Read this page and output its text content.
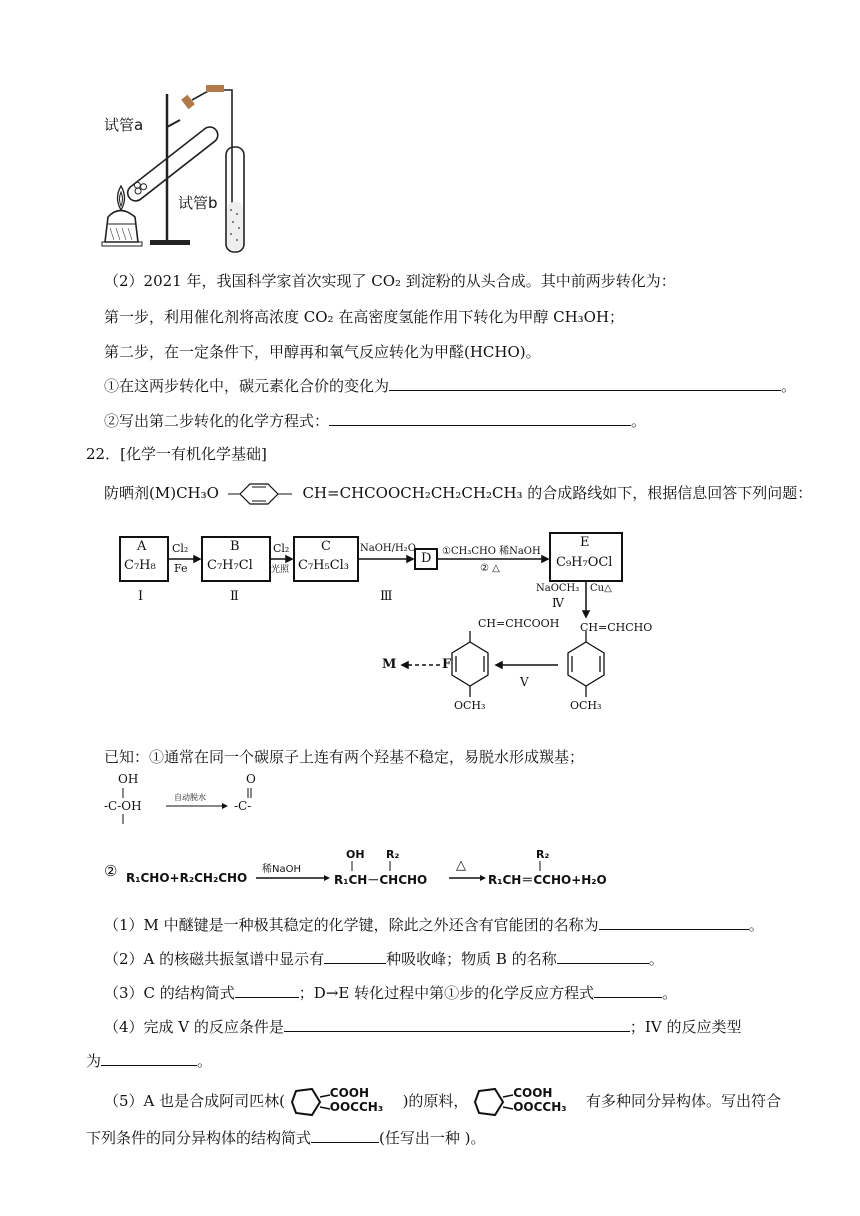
试管a
试管b
（2）2021 年，我国科学家首次实现了 CO₂ 到淀粉的从头合成。其中前两步转化为：
第一步，利用催化剂将高浓度 CO₂ 在高密度氢能作用下转化为甲醇 CH₃OH；
第二步，在一定条件下，甲醇再和氧气反应转化为甲醛(HCHO)。
①在这两步转化中，碳元素化合价的变化为	。
②写出第二步转化的化学方程式：	。
22．[化学一有机化学基础]
防晒剂(M)CH₃O	CH=CHCOOCH₂CH₂CH₂CH₃ 的合成路线如下，根据信息回答下列问题：
A
C₇H₈
B
C₇H₇Cl
C
C₇H₅Cl₃	D
E
C₉H₇OCl
Cl₂
Fe
Cl₂
光照
NaOH/H₂O	①CH₃CHO 稀NaOH
② △
Ⅰ	Ⅱ	Ⅲ
NaOCH₃ Cu△
Ⅳ
CH=CHCOOH CH=CHCHO
OCH₃	OCH₃
Ⅴ
M	F
已知：①通常在同一个碳原子上连有两个羟基不稳定，易脱水形成羰基；
OH	O
-C-OH
自动脱水
-C-
② R₁CHO+R₂CH₂CHO
稀NaOH
OH R₂
R₁CH－CHCHO
△
R₂
R₁CH＝CCHO+H₂O
（1）M 中醚键是一种极其稳定的化学键，除此之外还含有官能团的名称为	。
（2）A 的核磁共振氢谱中显示有	种吸收峰；物质 B 的名称	。
（3）C 的结构简式	；D→E 转化过程中第①步的化学反应方程式	。
（4）完成 V 的反应条件是	；IV 的反应类型
为	。
（5）A 也是合成阿司匹林(	COOH
OOCCH₃ )的原料，	COOH
OOCCH₃ 有多种同分异构体。写出符合
下列条件的同分异构体的结构简式	(任写出一种 )。
